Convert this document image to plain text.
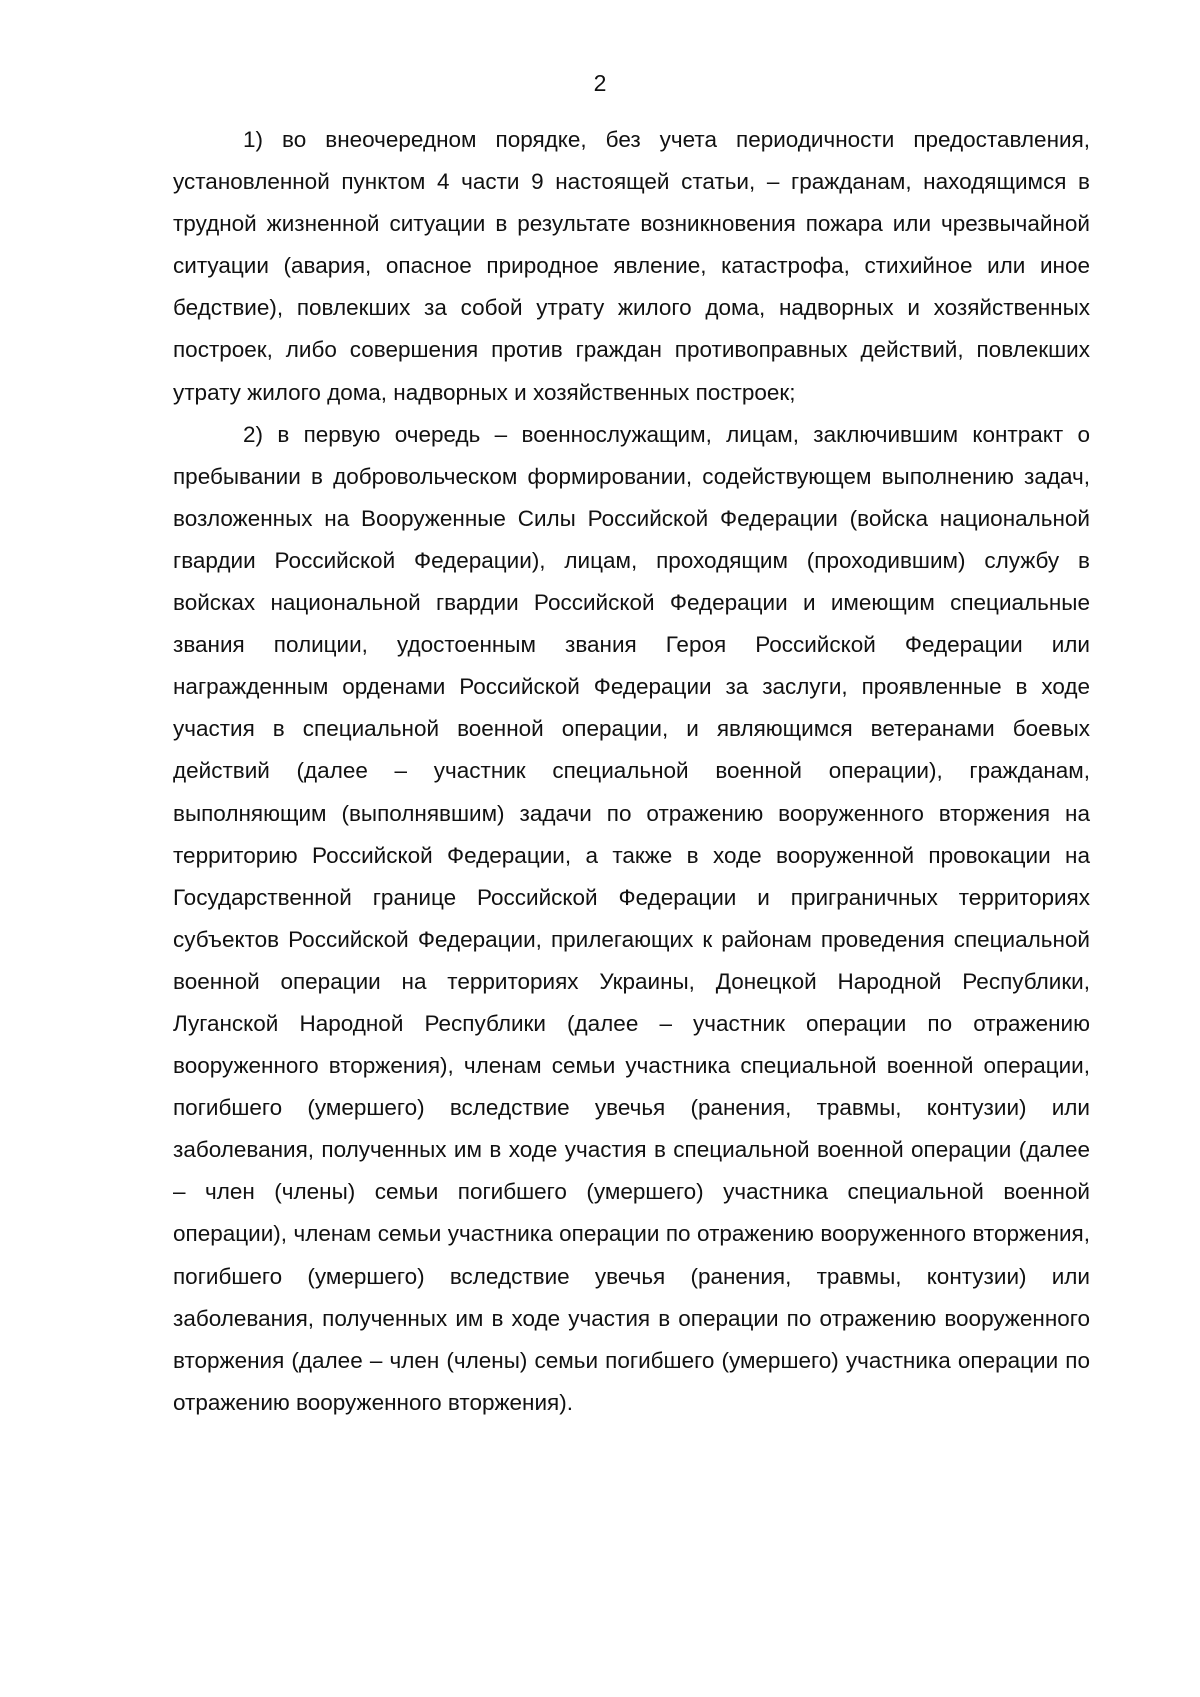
2

1) во внеочередном порядке, без учета периодичности предоставления, установленной пунктом 4 части 9 настоящей статьи, – гражданам, находящимся в трудной жизненной ситуации в результате возникновения пожара или чрезвычайной ситуации (авария, опасное природное явление, катастрофа, стихийное или иное бедствие), повлекших за собой утрату жилого дома, надворных и хозяйственных построек, либо совершения против граждан противоправных действий, повлекших утрату жилого дома, надворных и хозяйственных построек;

2) в первую очередь – военнослужащим, лицам, заключившим контракт о пребывании в добровольческом формировании, содействующем выполнению задач, возложенных на Вооруженные Силы Российской Федерации (войска национальной гвардии Российской Федерации), лицам, проходящим (проходившим) службу в войсках национальной гвардии Российской Федерации и имеющим специальные звания полиции, удостоенным звания Героя Российской Федерации или награжденным орденами Российской Федерации за заслуги, проявленные в ходе участия в специальной военной операции, и являющимся ветеранами боевых действий (далее – участник специальной военной операции), гражданам, выполняющим (выполнявшим) задачи по отражению вооруженного вторжения на территорию Российской Федерации, а также в ходе вооруженной провокации на Государственной границе Российской Федерации и приграничных территориях субъектов Российской Федерации, прилегающих к районам проведения специальной военной операции на территориях Украины, Донецкой Народной Республики, Луганской Народной Республики (далее – участник операции по отражению вооруженного вторжения), членам семьи участника специальной военной операции, погибшего (умершего) вследствие увечья (ранения, травмы, контузии) или заболевания, полученных им в ходе участия в специальной военной операции (далее – член (члены) семьи погибшего (умершего) участника специальной военной операции), членам семьи участника операции по отражению вооруженного вторжения, погибшего (умершего) вследствие увечья (ранения, травмы, контузии) или заболевания, полученных им в ходе участия в операции по отражению вооруженного вторжения (далее – член (члены) семьи погибшего (умершего) участника операции по отражению вооруженного вторжения).
